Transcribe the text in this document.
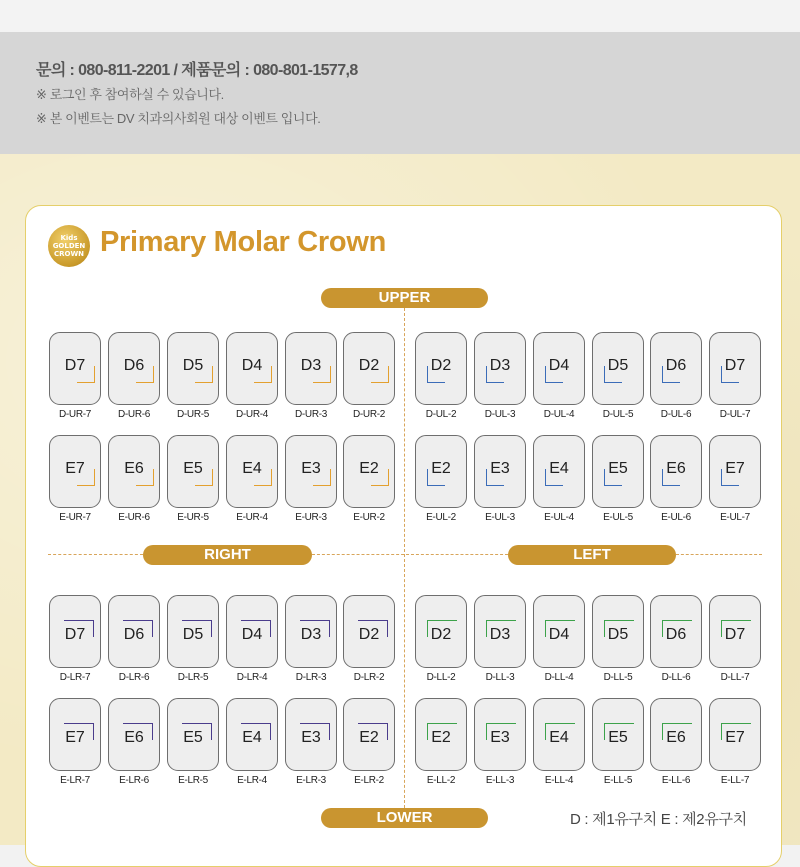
문의 : 080-811-2201 / 제품문의 : 080-801-1577,8
※ 로그인 후 참여하실 수 있습니다.
※ 본 이벤트는 DV 치과의사회원 대상 이벤트 입니다.
Kids GOLDEN CROWN Primary Molar Crown
UPPER
RIGHT	LEFT
LOWER
D7
D-UR-7
D6
D-UR-6
D5
D-UR-5
D4
D-UR-4
D3
D-UR-3
D2
D-UR-2
D2
D-UL-2
D3
D-UL-3
D4
D-UL-4
D5
D-UL-5
D6
D-UL-6
D7
D-UL-7
E7
E-UR-7
E6
E-UR-6
E5
E-UR-5
E4
E-UR-4
E3
E-UR-3
E2
E-UR-2
E2
E-UL-2
E3
E-UL-3
E4
E-UL-4
E5
E-UL-5
E6
E-UL-6
E7
E-UL-7
D7
D-LR-7
D6
D-LR-6
D5
D-LR-5
D4
D-LR-4
D3
D-LR-3
D2
D-LR-2
D2
D-LL-2
D3
D-LL-3
D4
D-LL-4
D5
D-LL-5
D6
D-LL-6
D7
D-LL-7
E7
E-LR-7
E6
E-LR-6
E5
E-LR-5
E4
E-LR-4
E3
E-LR-3
E2
E-LR-2
E2
E-LL-2
E3
E-LL-3
E4
E-LL-4
E5
E-LL-5
E6
E-LL-6
E7
E-LL-7
D : 제1유구치 E : 제2유구치
